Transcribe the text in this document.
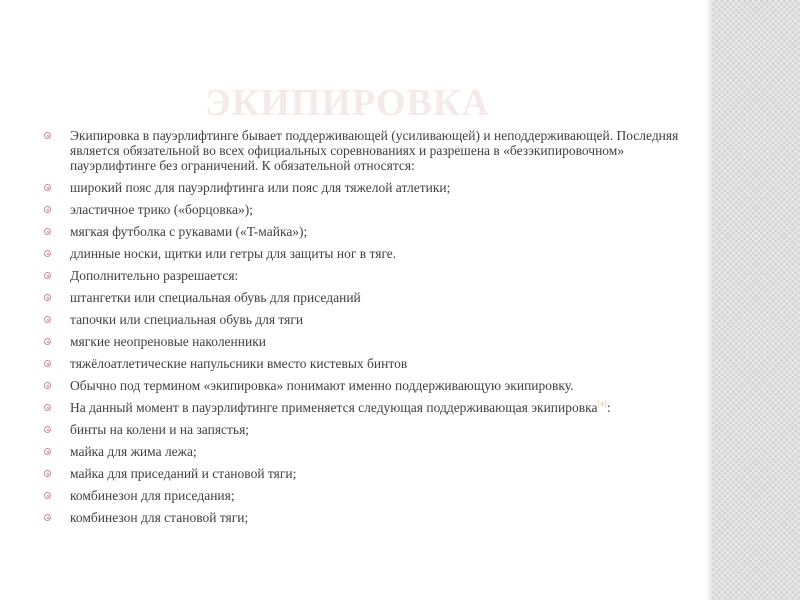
ЭКИПИРОВКА
Экипировка в пауэрлифтинге бывает поддерживающей (усиливающей) и неподдерживающей. Последняя является обязательной во всех официальных соревнованиях и разрешена в «безэкипировочном» пауэрлифтинге без ограничений. К обязательной относятся:
широкий пояс для пауэрлифтинга или пояс для тяжелой атлетики;
эластичное трико («борцовка»);
мягкая футболка с рукавами («T-майка»);
длинные носки, щитки или гетры для защиты ног в тяге.
Дополнительно разрешается:
штангетки или специальная обувь для приседаний
тапочки или специальная обувь для тяги
мягкие неопреновые наколенники
тяжёлоатлетические напульсники вместо кистевых бинтов
Обычно под термином «экипировка» понимают именно поддерживающую экипировку.
На данный момент в пауэрлифтинге применяется следующая поддерживающая экипировка[4]:
бинты на колени и на запястья;
майка для жима лежа;
майка для приседаний и становой тяги;
комбинезон для приседания;
комбинезон для становой тяги;
